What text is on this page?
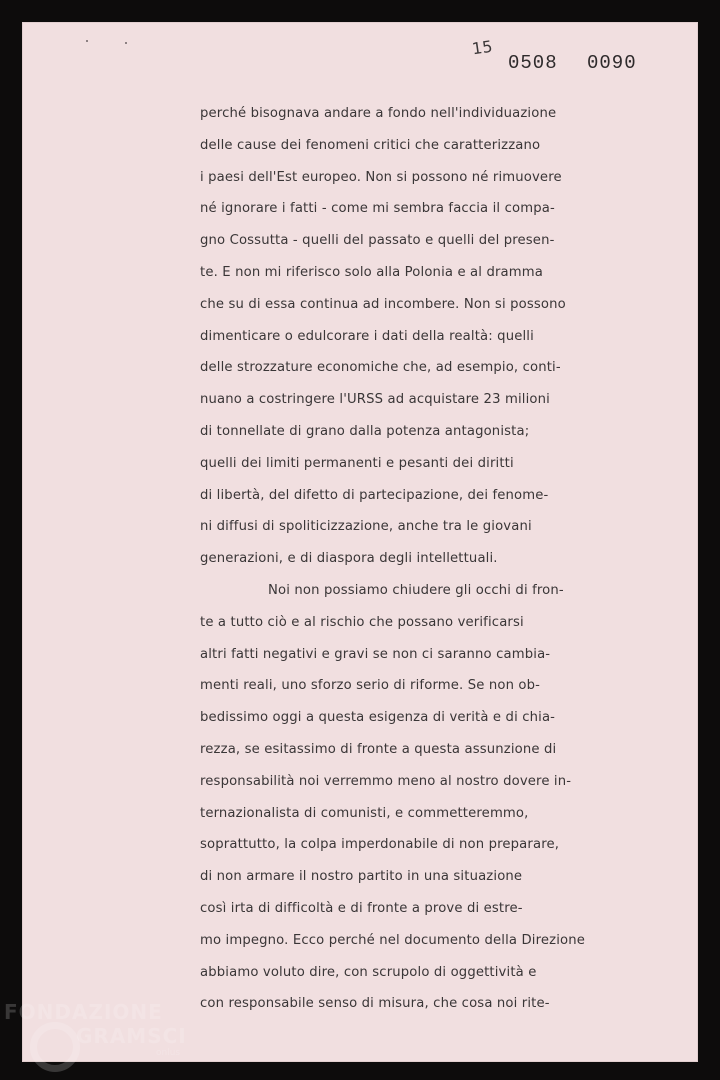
15
0508 0090
perché bisognava andare a fondo nell'individuazione
delle cause dei fenomeni critici che caratterizzano
i paesi dell'Est europeo. Non si possono né rimuovere
né ignorare i fatti - come mi sembra faccia il compa-
gno Cossutta - quelli del passato e quelli del presen-
te. E non mi riferisco solo alla Polonia e al dramma
che su di essa continua ad incombere. Non si possono
dimenticare o edulcorare i dati della realtà: quelli
delle strozzature economiche che, ad esempio, conti-
nuano a costringere l'URSS ad acquistare 23 milioni
di tonnellate di grano dalla potenza antagonista;
quelli dei limiti permanenti e pesanti dei diritti
di libertà, del difetto di partecipazione, dei fenome-
ni diffusi di spoliticizzazione, anche tra le giovani
generazioni, e di diaspora degli intellettuali.
Noi non possiamo chiudere gli occhi di fron-
te a tutto ciò e al rischio che possano verificarsi
altri fatti negativi e gravi se non ci saranno cambia-
menti reali, uno sforzo serio di riforme. Se non ob-
bedissimo oggi a questa esigenza di verità e di chia-
rezza, se esitassimo di fronte a questa assunzione di
responsabilità noi verremmo meno al nostro dovere in-
ternazionalista di comunisti, e commetteremmo,
soprattutto, la colpa imperdonabile di non preparare,
di non armare il nostro partito in una situazione
così irta di difficoltà e di fronte a prove di estre-
mo impegno. Ecco perché nel documento della Direzione
abbiamo voluto dire, con scrupolo di oggettività e
con responsabile senso di misura, che cosa noi rite-
FONDAZIONE
GRAMSCI
onlus
